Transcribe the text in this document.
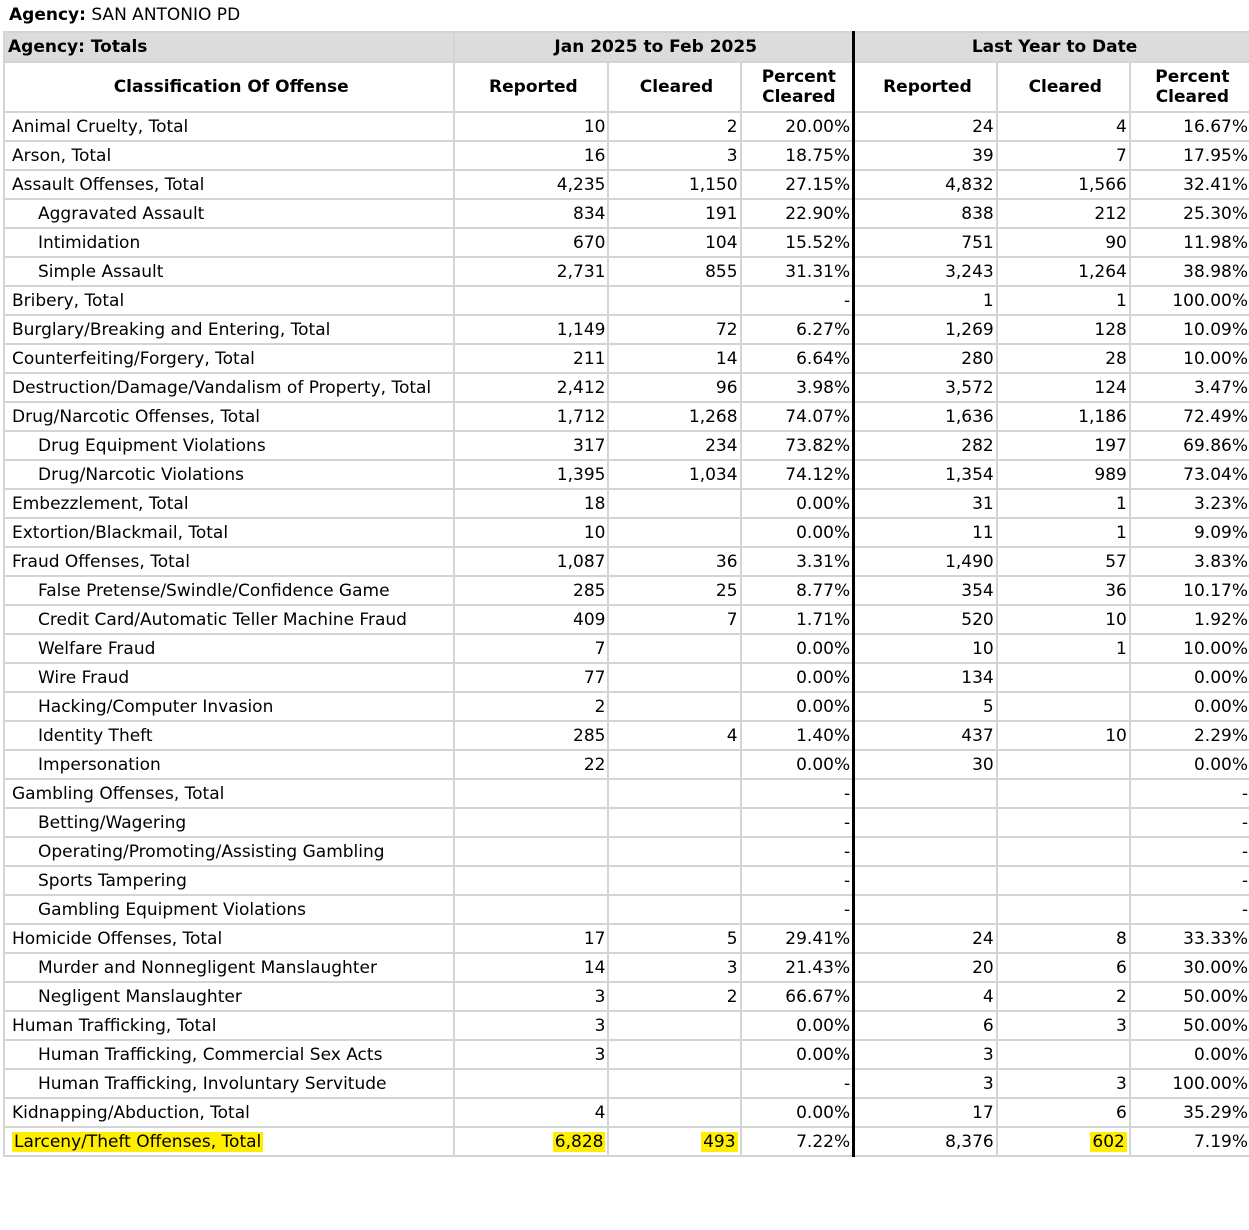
Agency: SAN ANTONIO PD
Agency: Totals	Jan 2025 to Feb 2025			Last Year to Date		
Classification Of Offense	Reported	Cleared	Percent Cleared	Reported	Cleared	Percent Cleared
Animal Cruelty, Total	10	2	20.00%	24	4	16.67%
Arson, Total	16	3	18.75%	39	7	17.95%
Assault Offenses, Total	4,235	1,150	27.15%	4,832	1,566	32.41%
Aggravated Assault	834	191	22.90%	838	212	25.30%
Intimidation	670	104	15.52%	751	90	11.98%
Simple Assault	2,731	855	31.31%	3,243	1,264	38.98%
Bribery, Total			-	1	1	100.00%
Burglary/Breaking and Entering, Total	1,149	72	6.27%	1,269	128	10.09%
Counterfeiting/Forgery, Total	211	14	6.64%	280	28	10.00%
Destruction/Damage/Vandalism of Property, Total	2,412	96	3.98%	3,572	124	3.47%
Drug/Narcotic Offenses, Total	1,712	1,268	74.07%	1,636	1,186	72.49%
Drug Equipment Violations	317	234	73.82%	282	197	69.86%
Drug/Narcotic Violations	1,395	1,034	74.12%	1,354	989	73.04%
Embezzlement, Total	18		0.00%	31	1	3.23%
Extortion/Blackmail, Total	10		0.00%	11	1	9.09%
Fraud Offenses, Total	1,087	36	3.31%	1,490	57	3.83%
False Pretense/Swindle/Confidence Game	285	25	8.77%	354	36	10.17%
Credit Card/Automatic Teller Machine Fraud	409	7	1.71%	520	10	1.92%
Welfare Fraud	7		0.00%	10	1	10.00%
Wire Fraud	77		0.00%	134		0.00%
Hacking/Computer Invasion	2		0.00%	5		0.00%
Identity Theft	285	4	1.40%	437	10	2.29%
Impersonation	22		0.00%	30		0.00%
Gambling Offenses, Total			-			-
Betting/Wagering			-			-
Operating/Promoting/Assisting Gambling			-			-
Sports Tampering			-			-
Gambling Equipment Violations			-			-
Homicide Offenses, Total	17	5	29.41%	24	8	33.33%
Murder and Nonnegligent Manslaughter	14	3	21.43%	20	6	30.00%
Negligent Manslaughter	3	2	66.67%	4	2	50.00%
Human Trafficking, Total	3		0.00%	6	3	50.00%
Human Trafficking, Commercial Sex Acts	3		0.00%	3		0.00%
Human Trafficking, Involuntary Servitude			-	3	3	100.00%
Kidnapping/Abduction, Total	4		0.00%	17	6	35.29%
Larceny/Theft Offenses, Total	6,828	493	7.22%	8,376	602	7.19%
